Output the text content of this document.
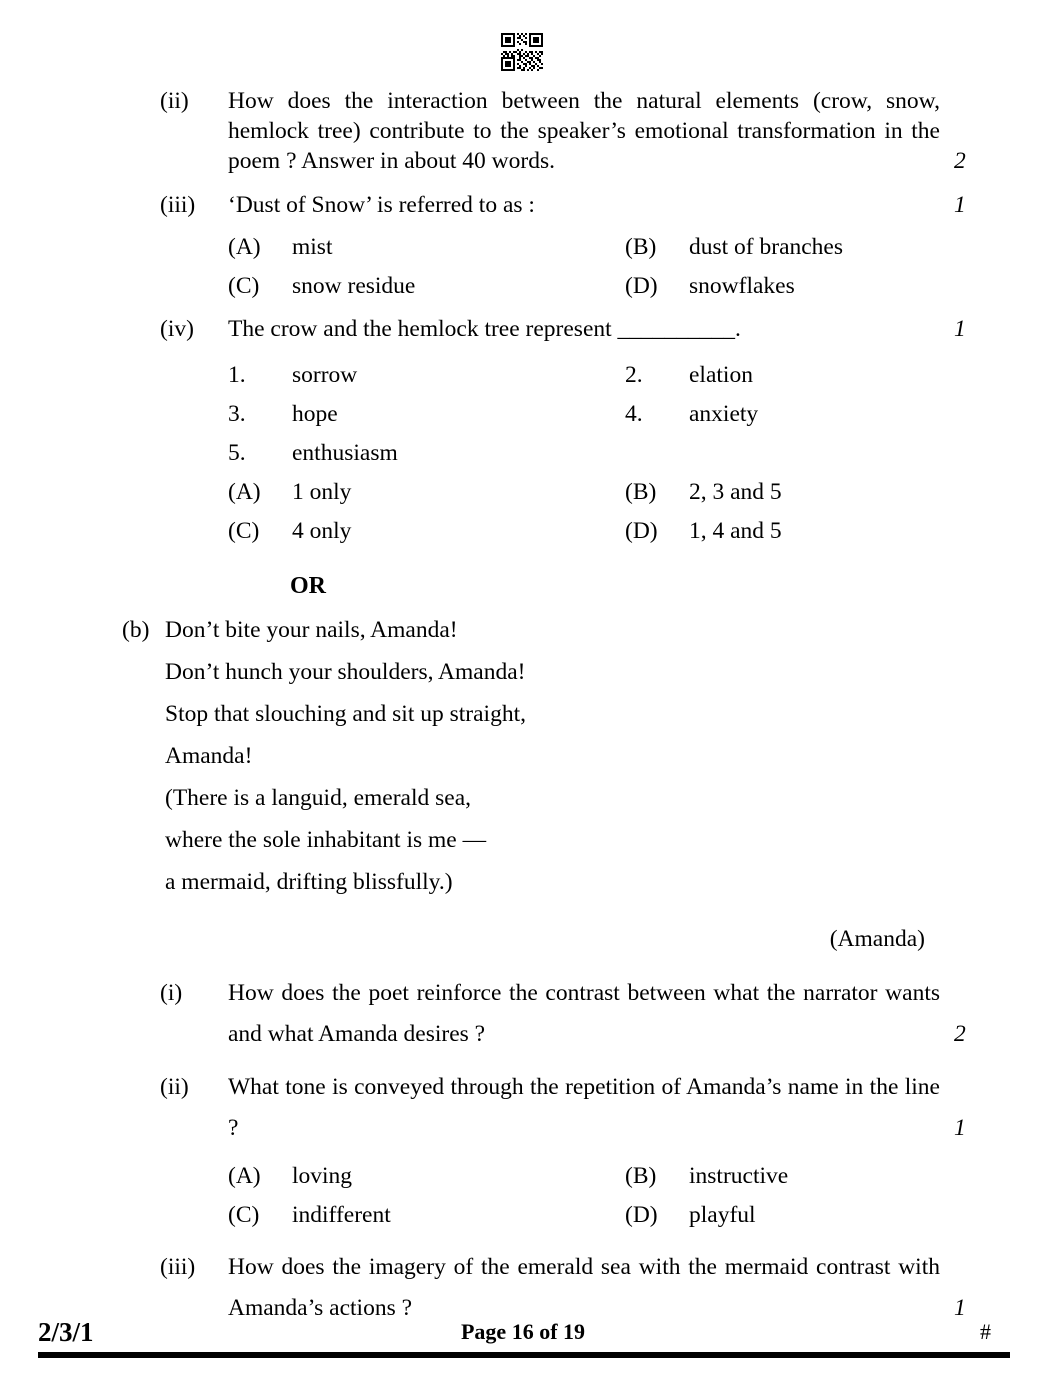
(ii)
2
How does the interaction between the natural elements (crow, snow, hemlock tree) contribute to the speaker’s emotional transformation in the poem ? Answer in about 40 words.
(iii)	1
‘Dust of Snow’ is referred to as :
(A) mist	(B) dust of branches
(C) snow residue	(D) snowflakes
(iv)	1
The crow and the hemlock tree represent __________.
1. sorrow	2. elation
3. hope	4. anxiety
5. enthusiasm
(A) 1 only	(B) 2, 3 and 5
(C) 4 only	(D) 1, 4 and 5
OR
(b) Don’t bite your nails, Amanda!
Don’t hunch your shoulders, Amanda!
Stop that slouching and sit up straight,
Amanda!
(There is a languid, emerald sea,
where the sole inhabitant is me —
a mermaid, drifting blissfully.)
(Amanda)
(i)
2
How does the poet reinforce the contrast between what the narrator wants and what Amanda desires ?
(ii)
1
What tone is conveyed through the repetition of Amanda’s name in the line ?
(A) loving	(B) instructive
(C) indifferent	(D) playful
(iii)
1
How does the imagery of the emerald sea with the mermaid contrast with Amanda’s actions ?
2/3/1	Page 16 of 19	#
